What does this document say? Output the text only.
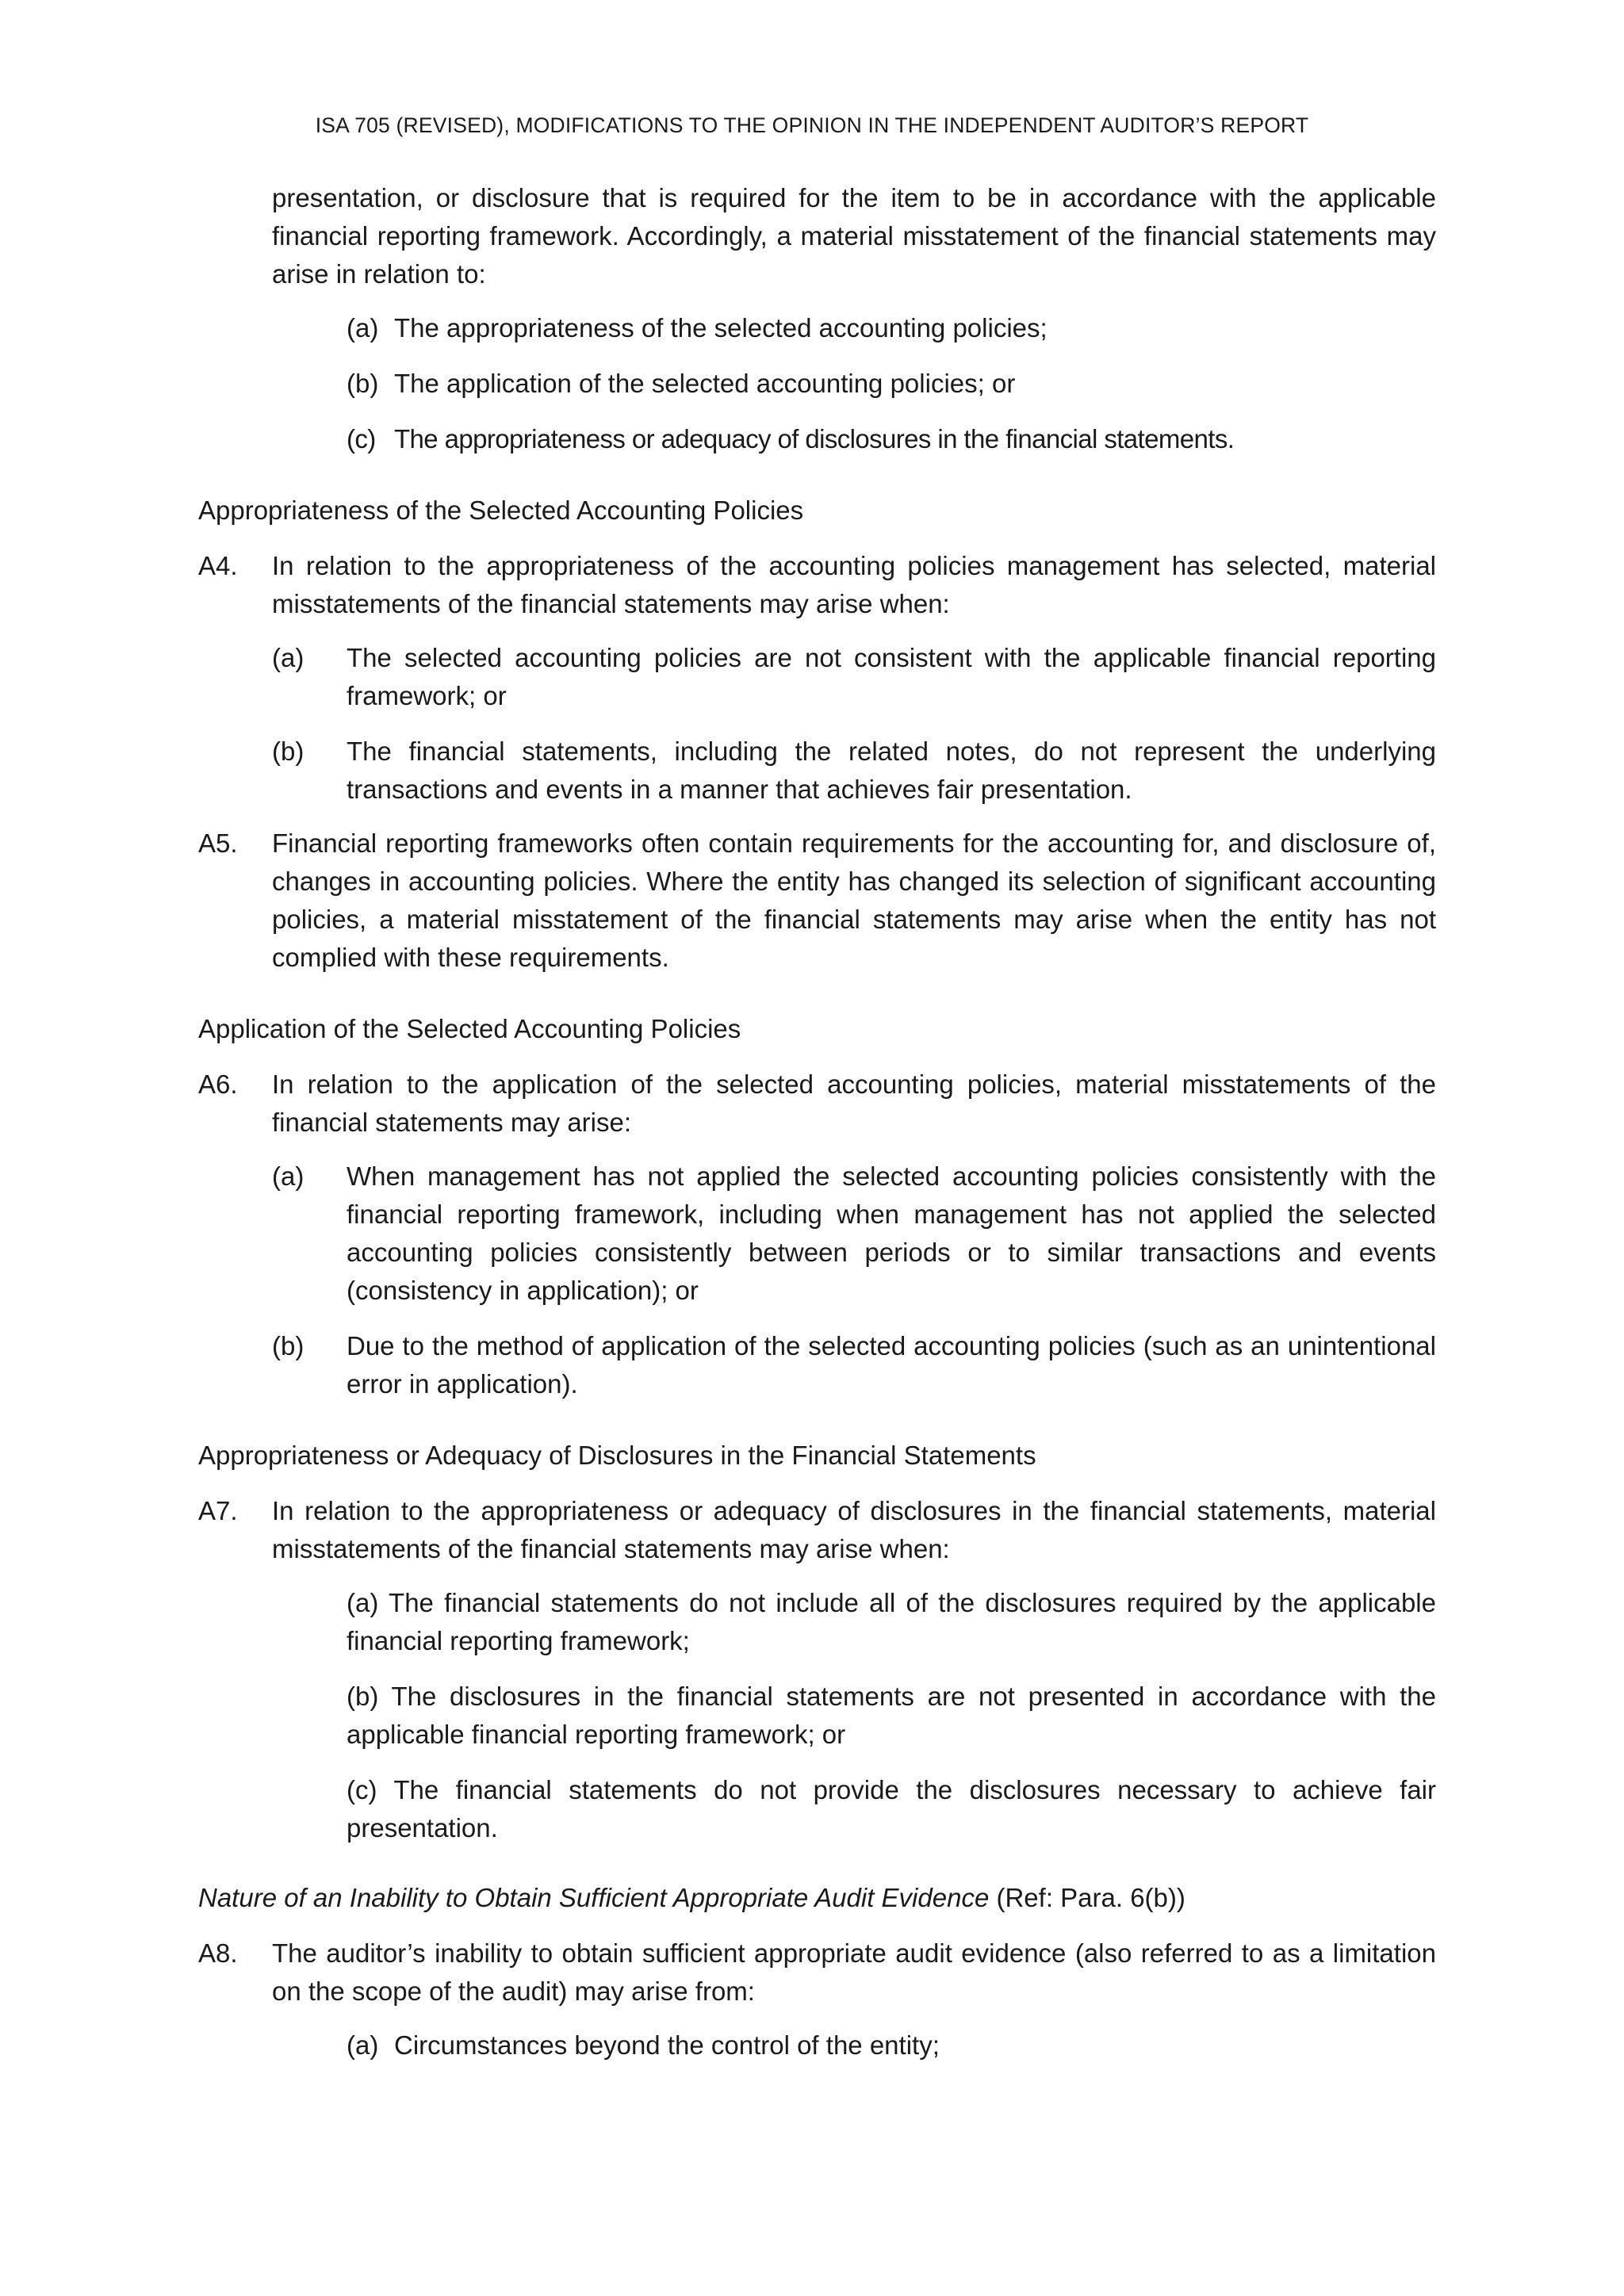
ISA 705 (REVISED), MODIFICATIONS TO THE OPINION IN THE INDEPENDENT AUDITOR’S REPORT

presentation, or disclosure that is required for the item to be in accordance with the applicable financial reporting framework. Accordingly, a material misstatement of the financial statements may arise in relation to:

(a) The appropriateness of the selected accounting policies;
(b) The application of the selected accounting policies; or
(c) The appropriateness or adequacy of disclosures in the financial statements.
Appropriateness of the Selected Accounting Policies
A4. In relation to the appropriateness of the accounting policies management has selected, material misstatements of the financial statements may arise when:
(a) The selected accounting policies are not consistent with the applicable financial reporting framework; or
(b) The financial statements, including the related notes, do not represent the underlying transactions and events in a manner that achieves fair presentation.
A5. Financial reporting frameworks often contain requirements for the accounting for, and disclosure of, changes in accounting policies. Where the entity has changed its selection of significant accounting policies, a material misstatement of the financial statements may arise when the entity has not complied with these requirements.
Application of the Selected Accounting Policies
A6. In relation to the application of the selected accounting policies, material misstatements of the financial statements may arise:
(a) When management has not applied the selected accounting policies consistently with the financial reporting framework, including when management has not applied the selected accounting policies consistently between periods or to similar transactions and events (consistency in application); or
(b) Due to the method of application of the selected accounting policies (such as an unintentional error in application).
Appropriateness or Adequacy of Disclosures in the Financial Statements
A7. In relation to the appropriateness or adequacy of disclosures in the financial statements, material misstatements of the financial statements may arise when:
(a) The financial statements do not include all of the disclosures required by the applicable financial reporting framework;
(b) The disclosures in the financial statements are not presented in accordance with the applicable financial reporting framework; or
(c) The financial statements do not provide the disclosures necessary to achieve fair presentation.
Nature of an Inability to Obtain Sufficient Appropriate Audit Evidence (Ref: Para. 6(b))
A8. The auditor’s inability to obtain sufficient appropriate audit evidence (also referred to as a limitation on the scope of the audit) may arise from:
(a) Circumstances beyond the control of the entity;
